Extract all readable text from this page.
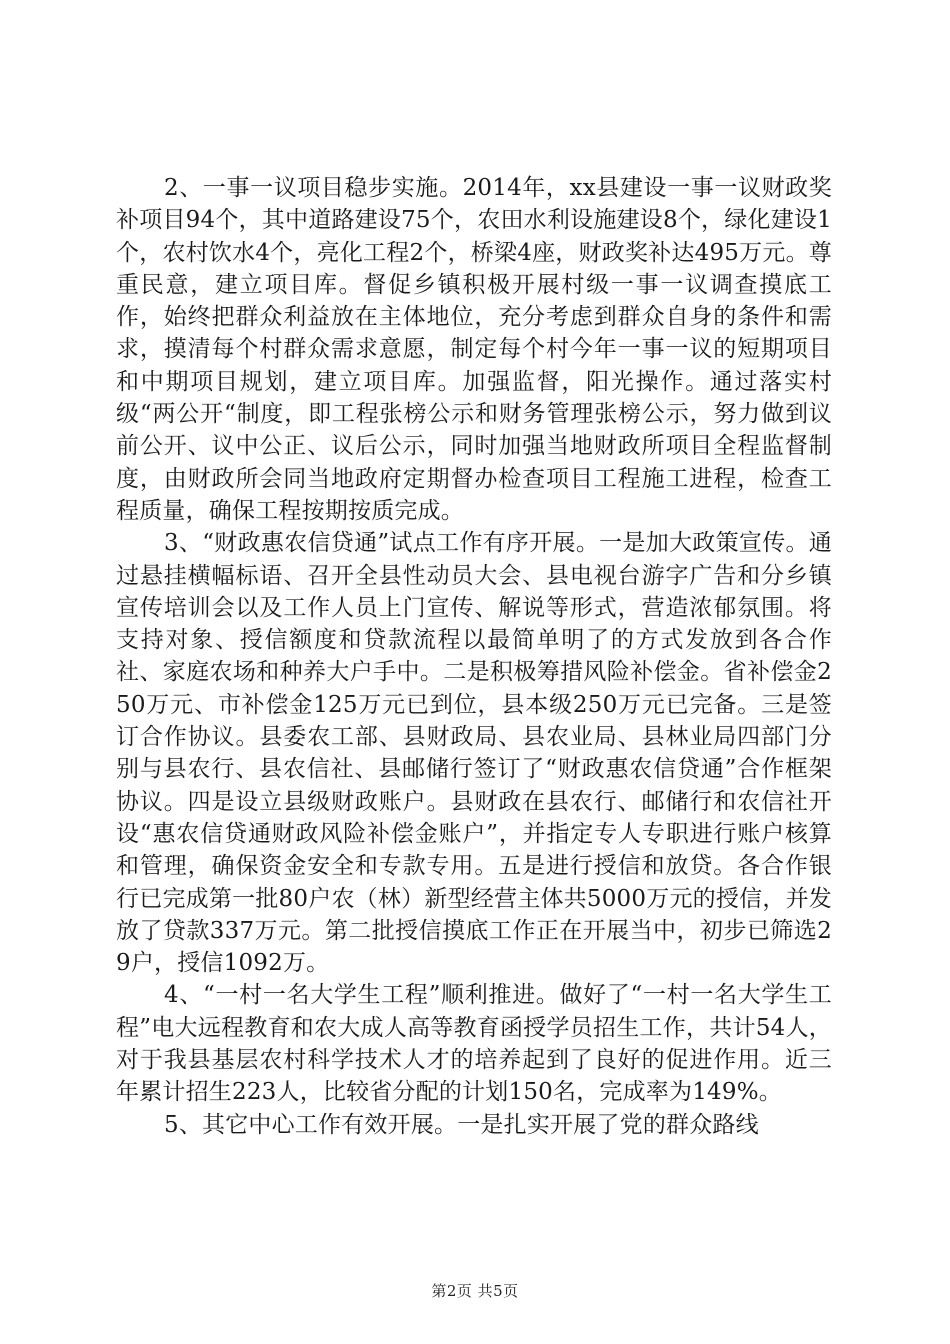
2、一事一议项目稳步实施。2014年，xx县建设一事一议财政奖补项目94个，其中道路建设75个，农田水利设施建设8个，绿化建设1个，农村饮水4个，亮化工程2个，桥梁4座，财政奖补达495万元。尊重民意，建立项目库。督促乡镇积极开展村级一事一议调查摸底工作，始终把群众利益放在主体地位，充分考虑到群众自身的条件和需求，摸清每个村群众需求意愿，制定每个村今年一事一议的短期项目和中期项目规划，建立项目库。加强监督，阳光操作。通过落实村级“两公开“制度，即工程张榜公示和财务管理张榜公示，努力做到议前公开、议中公正、议后公示，同时加强当地财政所项目全程监督制度，由财政所会同当地政府定期督办检查项目工程施工进程，检查工程质量，确保工程按期按质完成。

3、“财政惠农信贷通”试点工作有序开展。一是加大政策宣传。通过悬挂横幅标语、召开全县性动员大会、县电视台游字广告和分乡镇宣传培训会以及工作人员上门宣传、解说等形式，营造浓郁氛围。将支持对象、授信额度和贷款流程以最简单明了的方式发放到各合作社、家庭农场和种养大户手中。二是积极筹措风险补偿金。省补偿金250万元、市补偿金125万元已到位，县本级250万元已完备。三是签订合作协议。县委农工部、县财政局、县农业局、县林业局四部门分别与县农行、县农信社、县邮储行签订了“财政惠农信贷通”合作框架协议。四是设立县级财政账户。县财政在县农行、邮储行和农信社开设“惠农信贷通财政风险补偿金账户”，并指定专人专职进行账户核算和管理，确保资金安全和专款专用。五是进行授信和放贷。各合作银行已完成第一批80户农（林）新型经营主体共5000万元的授信，并发放了贷款337万元。第二批授信摸底工作正在开展当中，初步已筛选29户，授信1092万。

4、“一村一名大学生工程”顺利推进。做好了“一村一名大学生工程”电大远程教育和农大成人高等教育函授学员招生工作，共计54人，对于我县基层农村科学技术人才的培养起到了良好的促进作用。近三年累计招生223人，比较省分配的计划150名，完成率为149%。

5、其它中心工作有效开展。一是扎实开展了党的群众路线

第2页 共5页
